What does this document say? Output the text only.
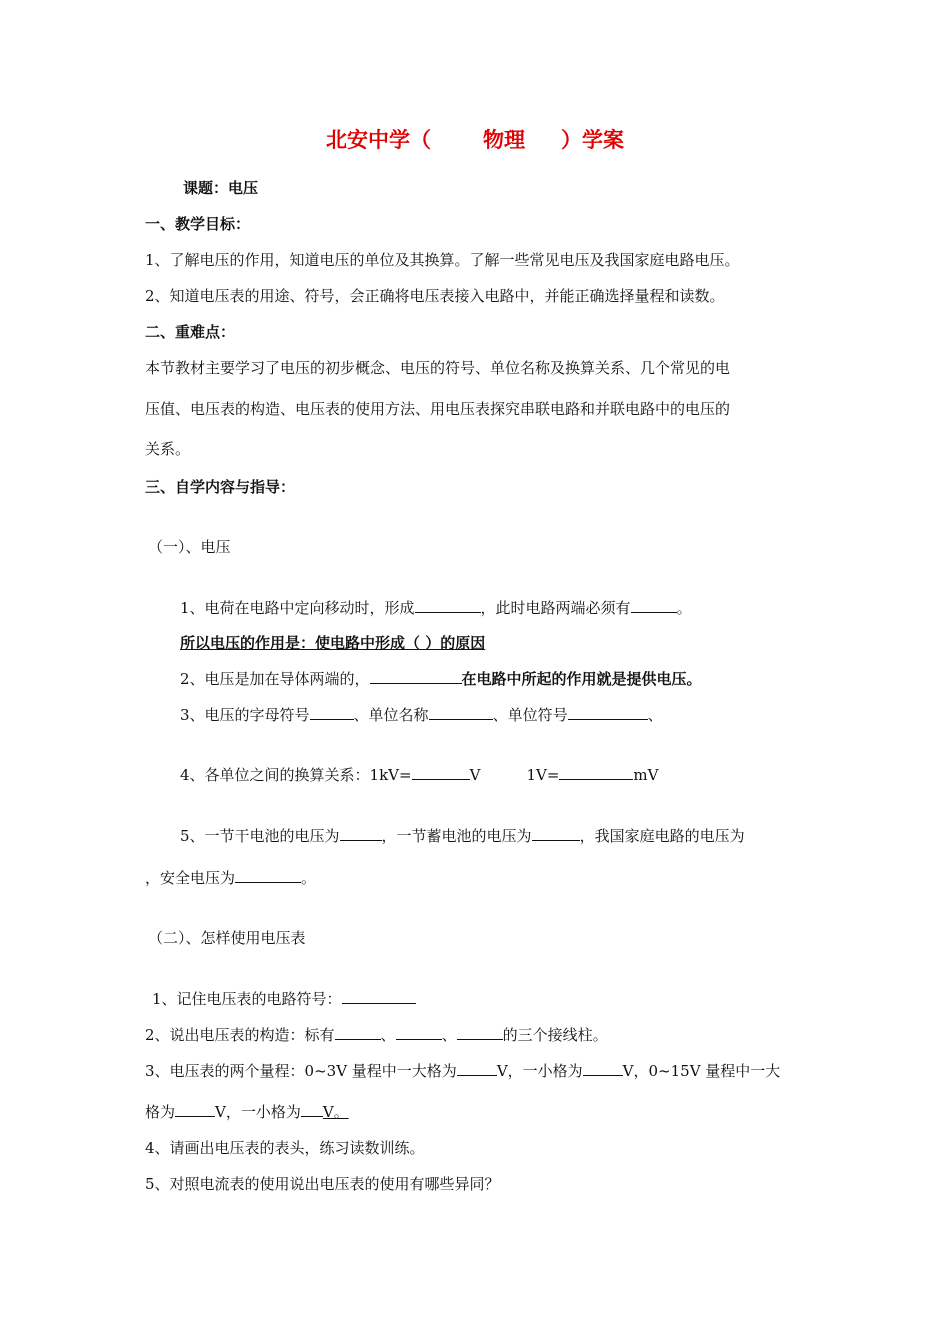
北安中学（ 物理 ）学案
课题：电压
一、教学目标：
1、了解电压的作用，知道电压的单位及其换算。了解一些常见电压及我国家庭电路电压。
2、知道电压表的用途、符号，会正确将电压表接入电路中，并能正确选择量程和读数。
二、重难点：
本节教材主要学习了电压的初步概念、电压的符号、单位名称及换算关系、几个常见的电
压值、电压表的构造、电压表的使用方法、用电压表探究串联电路和并联电路中的电压的
关系。
三、自学内容与指导：
（一）、电压
1、电荷在电路中定向移动时，形成	，此时电路两端必须有	。
所以电压的作用是：使电路中形成（ ）的原因
2、电压是加在导体两端的，	在电路中所起的作用就是提供电压。
3、电压的字母符号	、单位名称	、单位符号	、
4、各单位之间的换算关系：1kV=	V	1V=	mV
5、一节干电池的电压为	，一节蓄电池的电压为	，我国家庭电路的电压为
，安全电压为	。
（二）、怎样使用电压表
1、记住电压表的电路符号：
2、说出电压表的构造：标有	、	、	的三个接线柱。
3、电压表的两个量程：0~3V 量程中一大格为	V，一小格为	V，0~15V 量程中一大
格为	V，一小格为 V。
4、请画出电压表的表头，练习读数训练。
5、对照电流表的使用说出电压表的使用有哪些异同？
